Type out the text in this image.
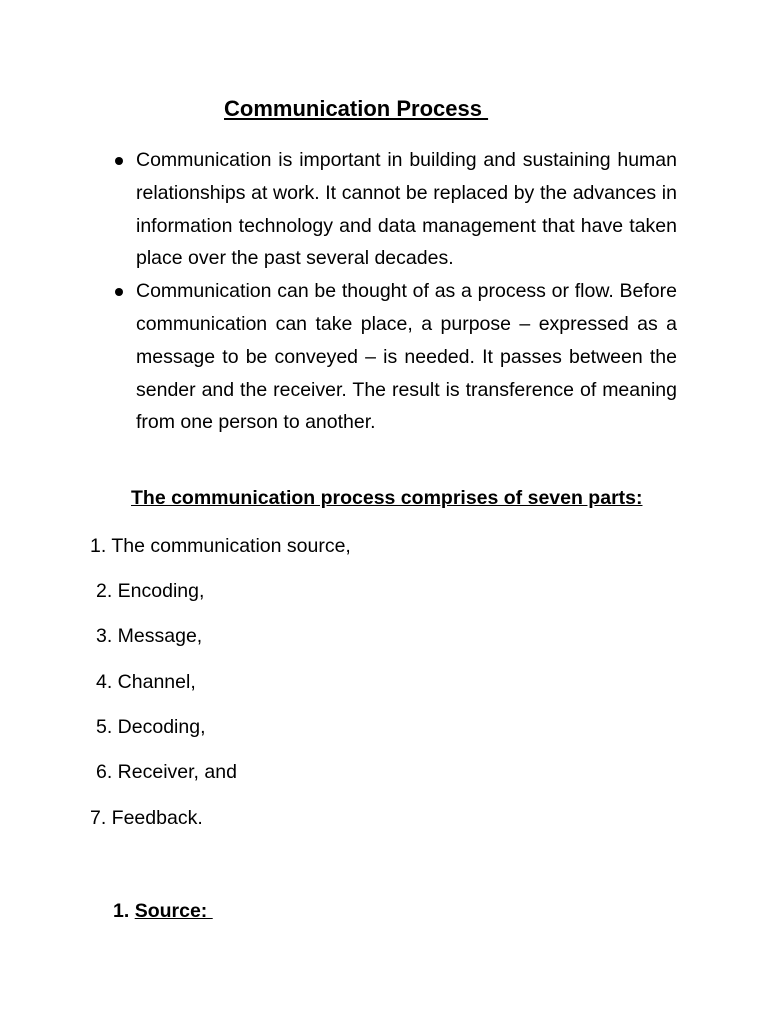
Communication Process
Communication is important in building and sustaining human relationships at work. It cannot be replaced by the advances in information technology and data management that have taken place over the past several decades.
Communication can be thought of as a process or flow. Before communication can take place, a purpose – expressed as a message to be conveyed – is needed. It passes between the sender and the receiver. The result is transference of meaning from one person to another.
The communication process comprises of seven parts:
1. The communication source,
2. Encoding,
3. Message,
4. Channel,
5. Decoding,
6. Receiver, and
7. Feedback.
1. Source:
